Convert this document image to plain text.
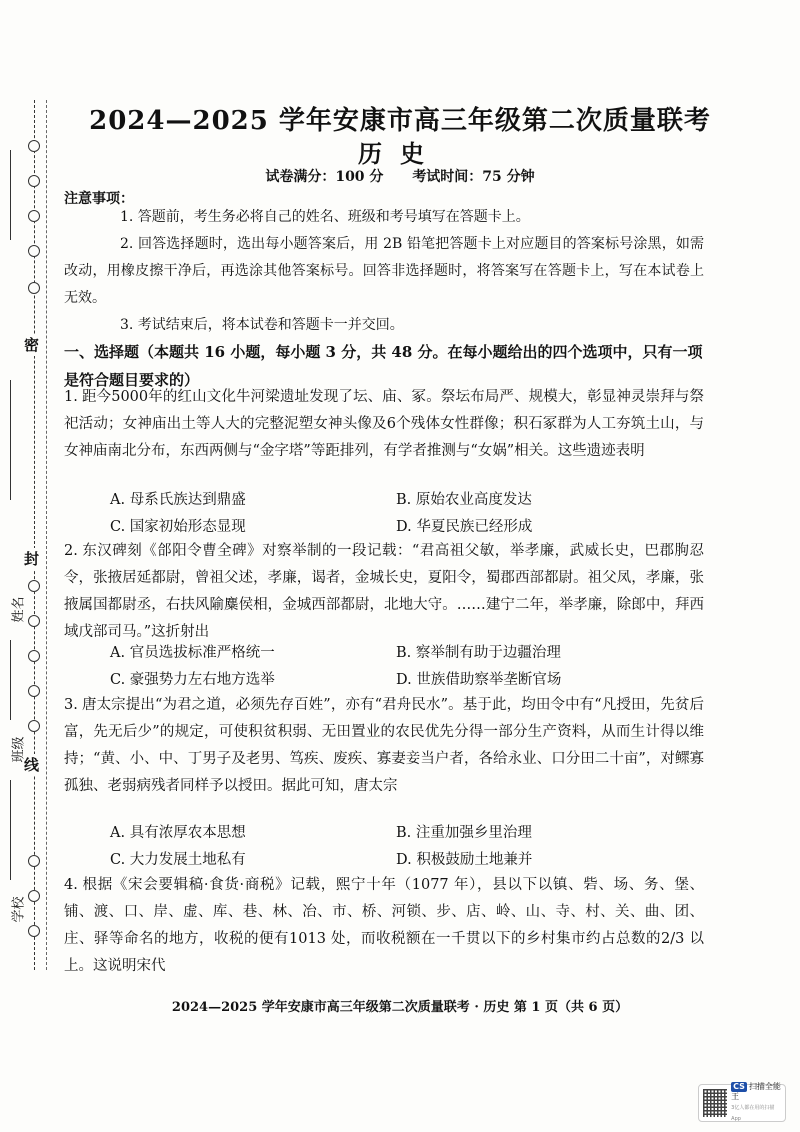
密
封
线
姓名
班级
学校
2024—2025 学年安康市高三年级第二次质量联考
历史
试卷满分：100 分 考试时间：75 分钟
注意事项：
1. 答题前，考生务必将自己的姓名、班级和考号填写在答题卡上。
2. 回答选择题时，选出每小题答案后，用 2B 铅笔把答题卡上对应题目的答案标号涂黑，如需改动，用橡皮擦干净后，再选涂其他答案标号。回答非选择题时，将答案写在答题卡上，写在本试卷上无效。
3. 考试结束后，将本试卷和答题卡一并交回。
一、选择题（本题共 16 小题，每小题 3 分，共 48 分。在每小题给出的四个选项中，只有一项是符合题目要求的）
1. 距今5000年的红山文化牛河梁遗址发现了坛、庙、冢。祭坛布局严、规模大，彰显神灵崇拜与祭祀活动；女神庙出土等人大的完整泥塑女神头像及6个残体女性群像；积石冢群为人工夯筑土山，与女神庙南北分布，东西两侧与“金字塔”等距排列，有学者推测与“女娲”相关。这些遗迹表明
A. 母系氏族达到鼎盛	B. 原始农业高度发达
C. 国家初始形态显现	D. 华夏民族已经形成
2. 东汉碑刻《郃阳令曹全碑》对察举制的一段记载：“君高祖父敏，举孝廉，武威长史，巴郡朐忍令，张掖居延都尉，曾祖父述，孝廉，谒者，金城长史，夏阳令，蜀郡西部都尉。祖父凤，孝廉，张掖属国都尉丞，右扶风隃麋侯相，金城西部都尉，北地大守。……建宁二年，举孝廉，除郎中，拜西域戊部司马。”这折射出
A. 官员选拔标准严格统一	B. 察举制有助于边疆治理
C. 豪强势力左右地方选举	D. 世族借助察举垄断官场
3. 唐太宗提出“为君之道，必须先存百姓”，亦有“君舟民水”。基于此，均田令中有“凡授田，先贫后富，先无后少”的规定，可使积贫积弱、无田置业的农民优先分得一部分生产资料，从而生计得以维持；“黄、小、中、丁男子及老男、笃疾、废疾、寡妻妾当户者，各给永业、口分田二十亩”，对鳏寡孤独、老弱病残者同样予以授田。据此可知，唐太宗
A. 具有浓厚农本思想	B. 注重加强乡里治理
C. 大力发展土地私有	D. 积极鼓励土地兼并
4. 根据《宋会要辑稿·食货·商税》记载，熙宁十年（1077 年），县以下以镇、砦、场、务、堡、铺、渡、口、岸、虚、库、巷、林、冶、市、桥、河锁、步、店、岭、山、寺、村、关、曲、团、庄、驿等命名的地方，收税的便有1013 处，而收税额在一千贯以下的乡村集市约占总数的2/3 以上。这说明宋代
2024—2025 学年安康市高三年级第二次质量联考 · 历史 第 1 页（共 6 页）
CS 扫描全能王
3亿人都在用的扫描App
